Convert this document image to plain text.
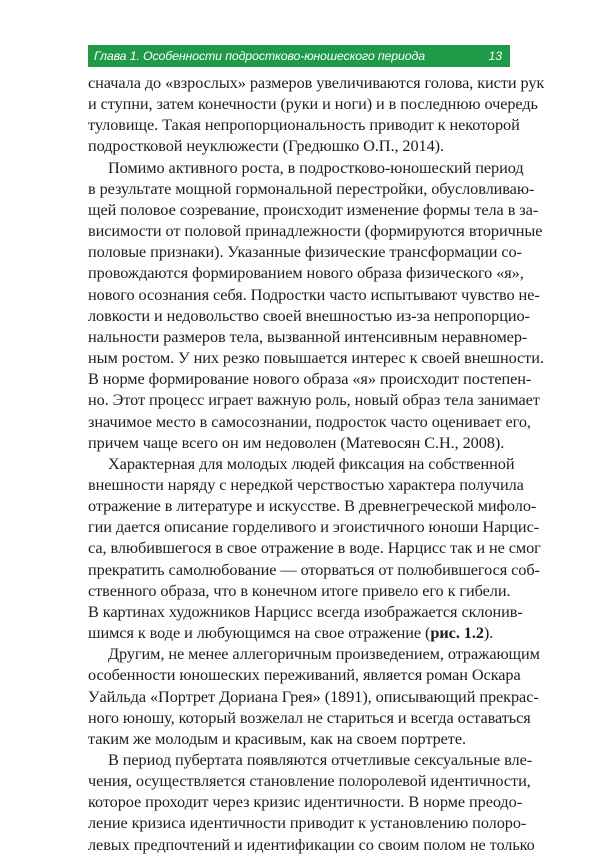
Глава 1. Особенности подростково-юношеского периода	13

сначала до «взрослых» размеров увеличиваются голова, кисти рук
и ступни, затем конечности (руки и ноги) и в последнюю очередь
туловище. Такая непропорциональность приводит к некоторой
подростковой неуклюжести (Гредюшко О.П., 2014).

Помимо активного роста, в подростково-юношеский период
в результате мощной гормональной перестройки, обусловливаю-
щей половое созревание, происходит изменение формы тела в за-
висимости от половой принадлежности (формируются вторичные
половые признаки). Указанные физические трансформации со-
провождаются формированием нового образа физического «я»,
нового осознания себя. Подростки часто испытывают чувство не-
ловкости и недовольство своей внешностью из-за непропорцио-
нальности размеров тела, вызванной интенсивным неравномер-
ным ростом. У них резко повышается интерес к своей внешности.
В норме формирование нового образа «я» происходит постепен-
но. Этот процесс играет важную роль, новый образ тела занимает
значимое место в самосознании, подросток часто оценивает его,
причем чаще всего он им недоволен (Матевосян С.Н., 2008).

Характерная для молодых людей фиксация на собственной
внешности наряду с нередкой черствостью характера получила
отражение в литературе и искусстве. В древнегреческой мифоло-
гии дается описание горделивого и эгоистичного юноши Нарцис-
са, влюбившегося в свое отражение в воде. Нарцисс так и не смог
прекратить самолюбование — оторваться от полюбившегося соб-
ственного образа, что в конечном итоге привело его к гибели.
В картинах художников Нарцисс всегда изображается склонив-
шимся к воде и любующимся на свое отражение (рис. 1.2).

Другим, не менее аллегоричным произведением, отражающим
особенности юношеских переживаний, является роман Оскара
Уайльда «Портрет Дориана Грея» (1891), описывающий прекрас-
ного юношу, который возжелал не стариться и всегда оставаться
таким же молодым и красивым, как на своем портрете.

В период пубертата появляются отчетливые сексуальные вле-
чения, осуществляется становление полоролевой идентичности,
которое проходит через кризис идентичности. В норме преодо-
ление кризиса идентичности приводит к установлению полоро-
левых предпочтений и идентификации со своим полом не только
